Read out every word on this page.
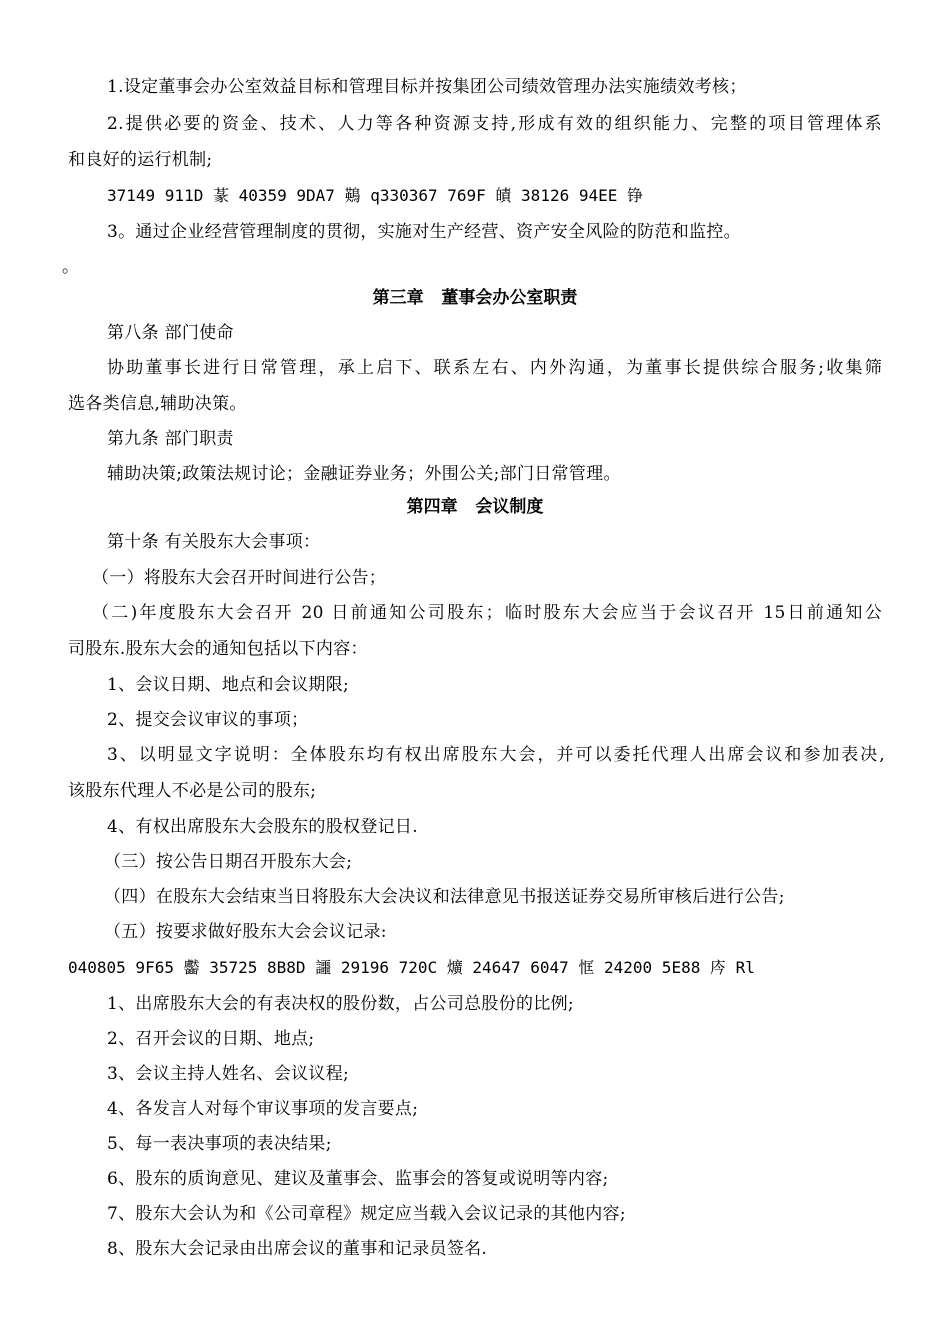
1.设定董事会办公室效益目标和管理目标并按集团公司绩效管理办法实施绩效考核；
2.提供必要的资金、技术、人力等各种资源支持,形成有效的组织能力、完整的项目管理体系
和良好的运行机制;
37149 911D 蒃 40359 9DA7 鶧 q330367 769F 皟 38126 94EE 铮
3。通过企业经营管理制度的贯彻，实施对生产经营、资产安全风险的防范和监控。
。
第三章   董事会办公室职责
第八条 部门使命
协助董事长进行日常管理，承上启下、联系左右、内外沟通，为董事长提供综合服务;收集筛
选各类信息,辅助决策。
第九条 部门职责
辅助决策;政策法规讨论；金融证券业务；外围公关;部门日常管理。
第四章   会议制度
第十条 有关股东大会事项：
（一）将股东大会召开时间进行公告；
（二)年度股东大会召开 20 日前通知公司股东；临时股东大会应当于会议召开 15日前通知公
司股东.股东大会的通知包括以下内容：
1、会议日期、地点和会议期限;
2、提交会议审议的事项；
3、以明显文字说明：全体股东均有权出席股东大会，并可以委托代理人出席会议和参加表决,
该股东代理人不必是公司的股东;
4、有权出席股东大会股东的股权登记日.
（三）按公告日期召开股东大会;
（四）在股东大会结束当日将股东大会决议和法律意见书报送证券交易所审核后进行公告;
（五）按要求做好股东大会会议记录:
040805 9F65 齾 35725 8B8D 讍 29196 720C 爌 24647 6047 恇 24200 5E88 庈 Rl
1、出席股东大会的有表决权的股份数，占公司总股份的比例;
2、召开会议的日期、地点;
3、会议主持人姓名、会议议程;
4、各发言人对每个审议事项的发言要点;
5、每一表决事项的表决结果;
6、股东的质询意见、建议及董事会、监事会的答复或说明等内容;
7、股东大会认为和《公司章程》规定应当载入会议记录的其他内容;
8、股东大会记录由出席会议的董事和记录员签名.
